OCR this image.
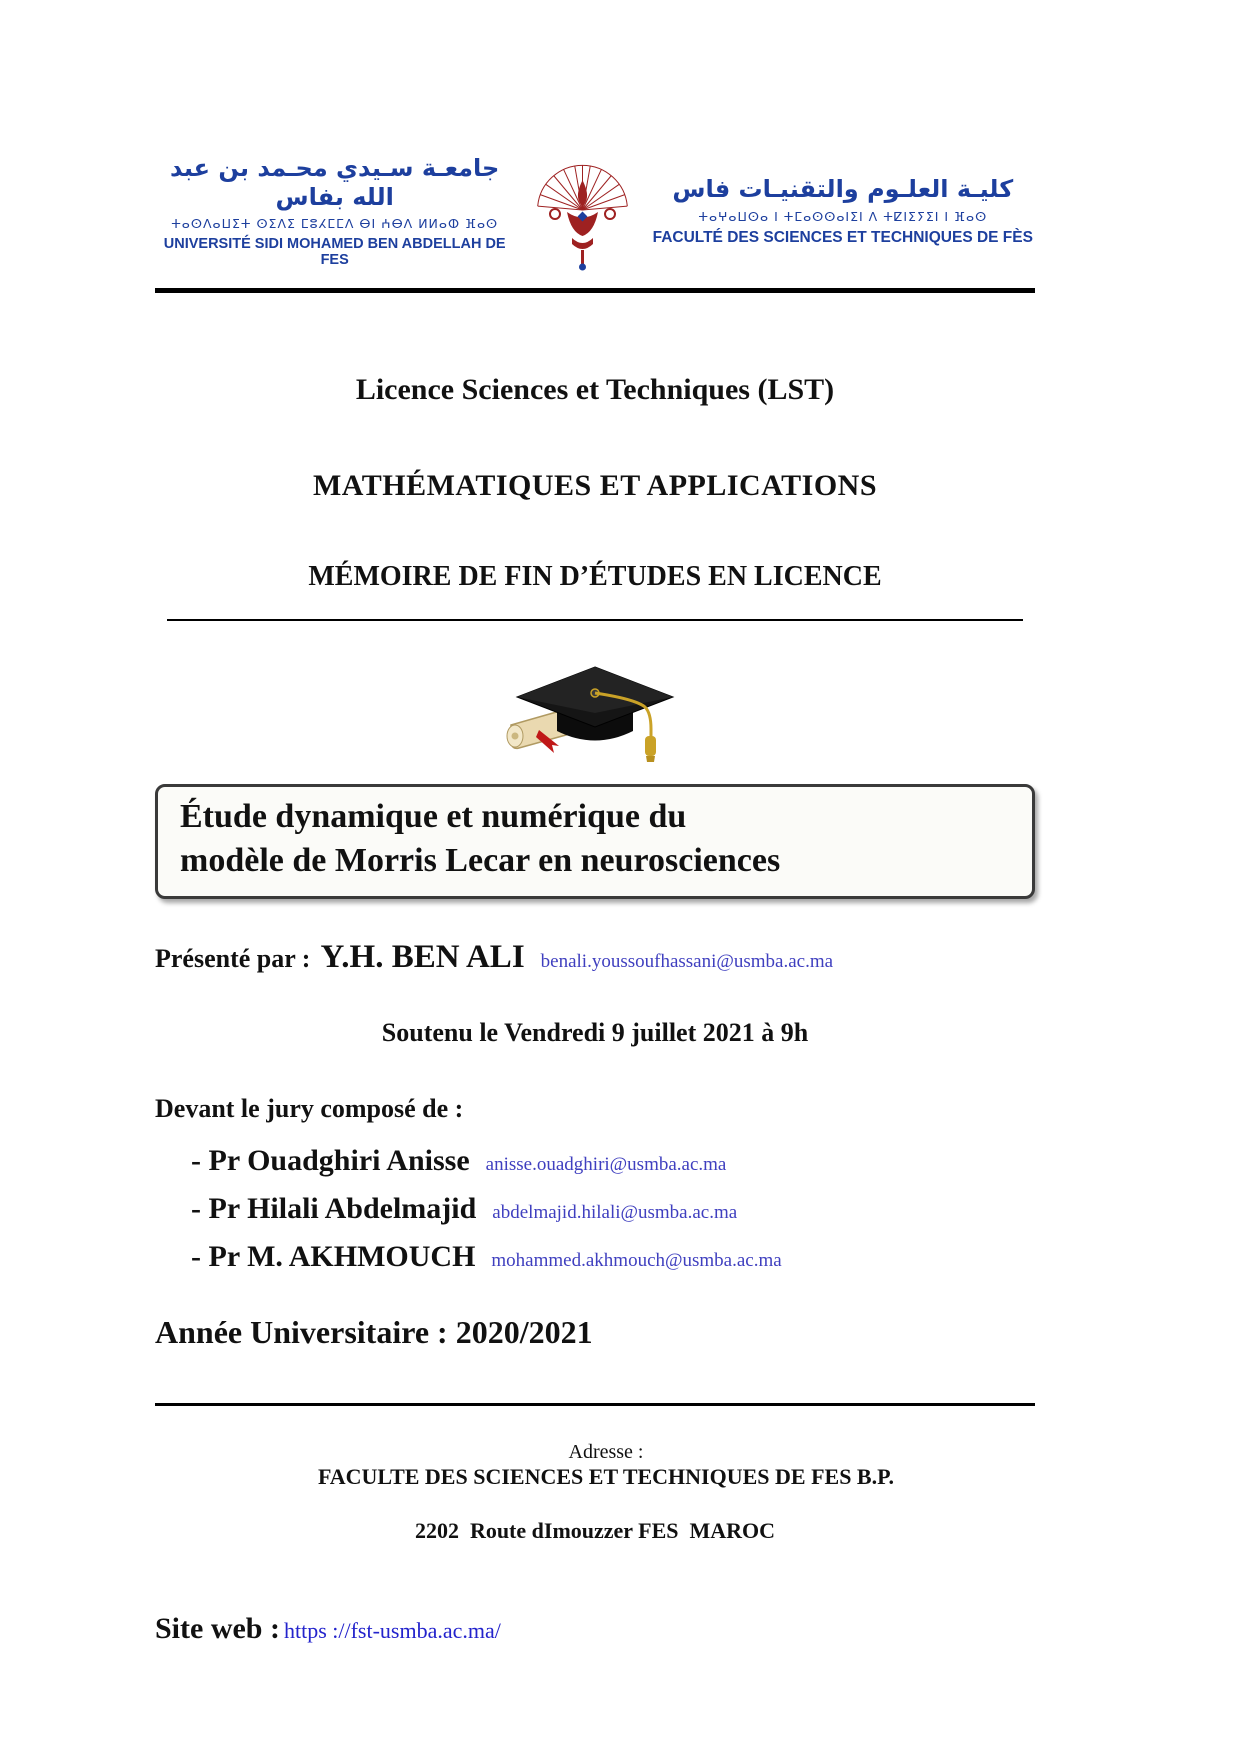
جامعـة سـيدي محـمد بن عبد الله بفاس
ⵜⴰⵙⴷⴰⵡⵉⵜ ⵙⵉⴷⵉ ⵎⵓⵃⵎⵎⴷ ⴱⵏ ⵄⴱⴷ ⵍⵍⴰⵀ ⴼⴰⵙ
UNIVERSITÉ SIDI MOHAMED BEN ABDELLAH DE FES
كليـة العلـوم والتقنيـات فاس
ⵜⴰⵖⴰⵡⵙⴰ ⵏ ⵜⵎⴰⵙⵙⴰⵏⵉⵏ ⴷ ⵜⵇⵏⵉⵢⵉⵏ ⵏ ⴼⴰⵙ
FACULTÉ DES SCIENCES ET TECHNIQUES DE FÈS
Licence Sciences et Techniques (LST)
MATHÉMATIQUES ET APPLICATIONS
MÉMOIRE DE FIN D’ÉTUDES EN LICENCE
Étude dynamique et numérique du
modèle de Morris Lecar en neurosciences
Présenté par : Y.H. BEN ALI benali.youssoufhassani@usmba.ac.ma
Soutenu le Vendredi 9 juillet 2021 à 9h
Devant le jury composé de :
- Pr Ouadghiri Anisse anisse.ouadghiri@usmba.ac.ma
- Pr Hilali Abdelmajid abdelmajid.hilali@usmba.ac.ma
- Pr M. AKHMOUCH mohammed.akhmouch@usmba.ac.ma
Année Universitaire : 2020/2021

Adresse :
FACULTE DES SCIENCES ET TECHNIQUES DE FES B.P.

2202  Route dImouzzer FES  MAROC

Site web : https ://fst-usmba.ac.ma/
